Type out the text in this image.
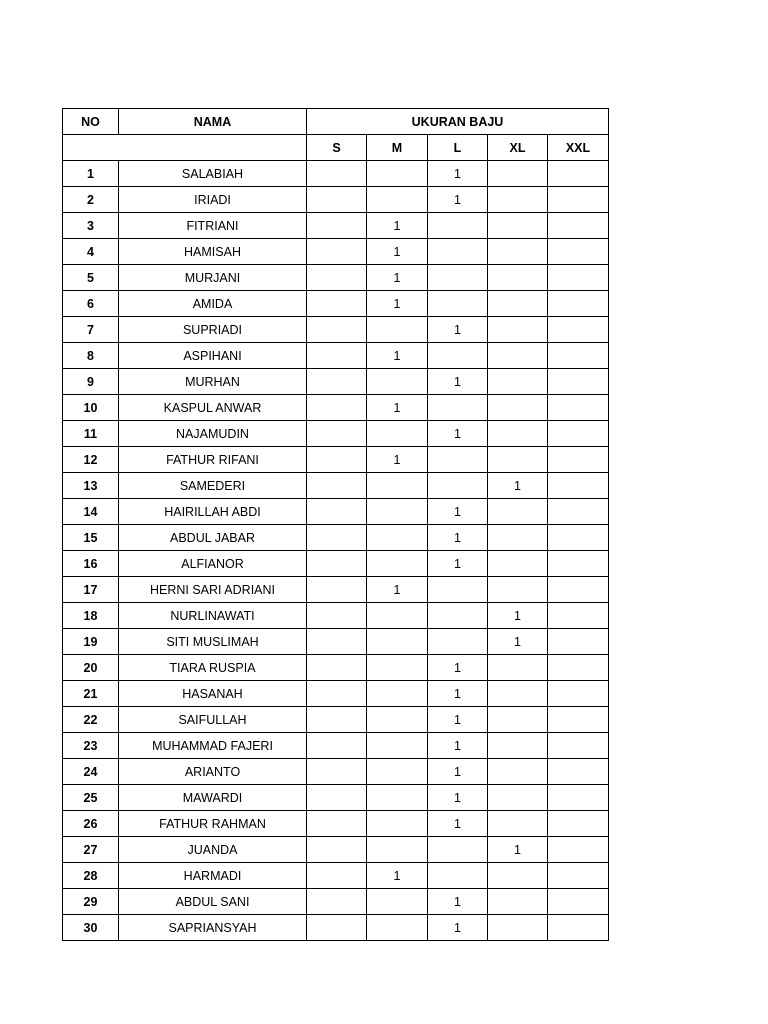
NO	NAMA	UKURAN BAJU				
		S	M	L	XL	XXL
1	SALABIAH			1		
2	IRIADI			1		
3	FITRIANI		1			
4	HAMISAH		1			
5	MURJANI		1			
6	AMIDA		1			
7	SUPRIADI			1		
8	ASPIHANI		1			
9	MURHAN			1		
10	KASPUL ANWAR		1			
11	NAJAMUDIN			1		
12	FATHUR RIFANI		1			
13	SAMEDERI				1	
14	HAIRILLAH ABDI			1		
15	ABDUL JABAR			1		
16	ALFIANOR			1		
17	HERNI SARI ADRIANI		1			
18	NURLINAWATI				1	
19	SITI MUSLIMAH				1	
20	TIARA RUSPIA			1		
21	HASANAH			1		
22	SAIFULLAH			1		
23	MUHAMMAD FAJERI			1		
24	ARIANTO			1		
25	MAWARDI			1		
26	FATHUR RAHMAN			1		
27	JUANDA				1	
28	HARMADI		1			
29	ABDUL SANI			1		
30	SAPRIANSYAH			1		
